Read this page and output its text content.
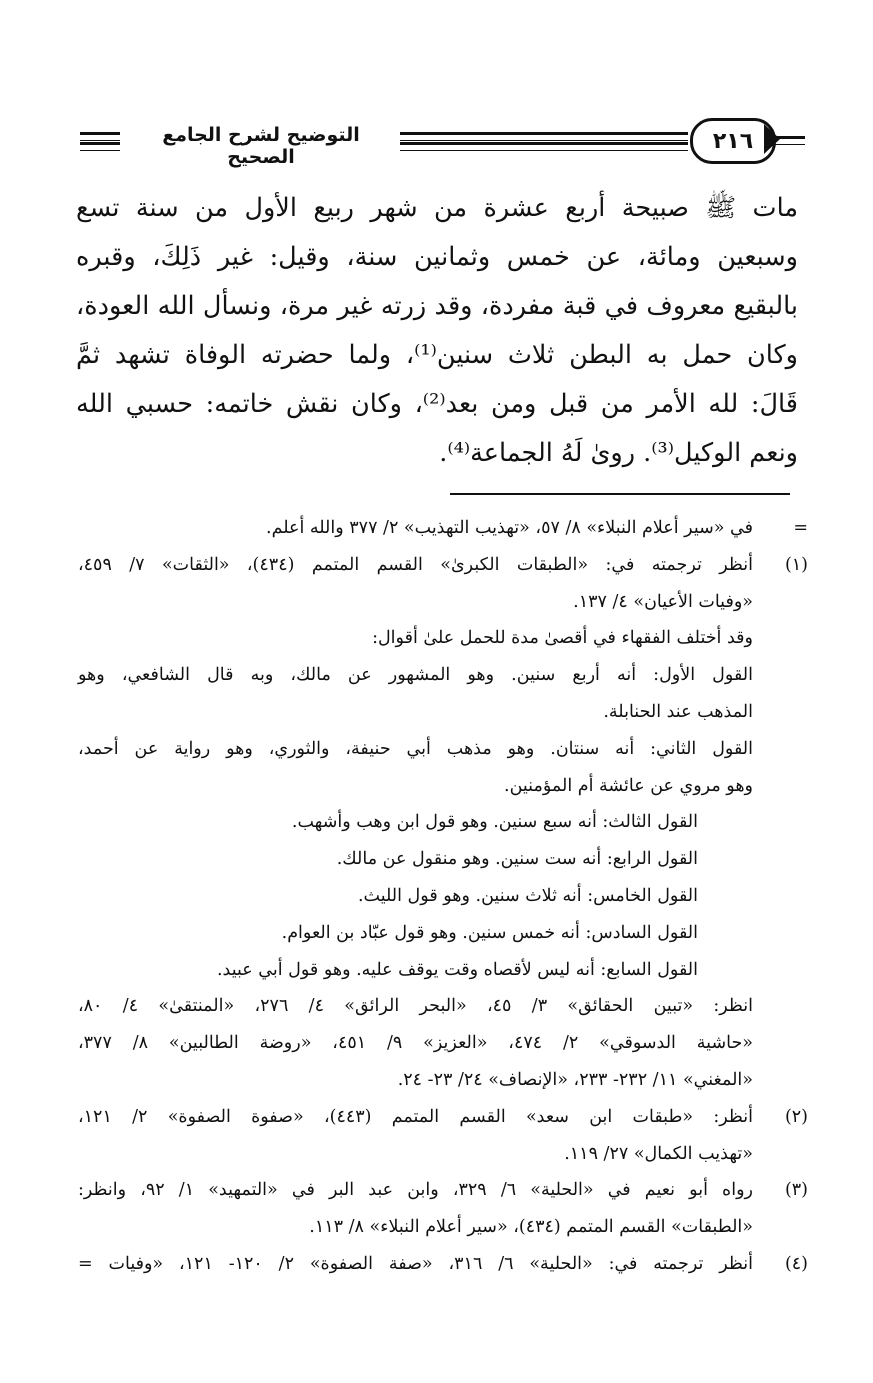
التوضيح لشرح الجامع الصحيح
٢١٦
مات ﷺ صبيحة أربع عشرة من شهر ربيع الأول من سنة تسع
وسبعين ومائة، عن خمس وثمانين سنة، وقيل: غير ذَلِكَ، وقبره
بالبقيع معروف في قبة مفردة، وقد زرته غير مرة، ونسأل الله العودة،
وكان حمل به البطن ثلاث سنين⁽¹⁾، ولما حضرته الوفاة تشهد ثمَّ
قَالَ: لله الأمر من قبل ومن بعد⁽²⁾، وكان نقش خاتمه: حسبي الله
ونعم الوكيل⁽³⁾. روىٰ لَهُ الجماعة⁽⁴⁾.
=
في «سير أعلام النبلاء» ٨/ ٥٧، «تهذيب التهذيب» ٢/ ٣٧٧ والله أعلم.
(١)
أنظر ترجمته في: «الطبقات الكبرىٰ» القسم المتمم (٤٣٤)، «الثقات» ٧/ ٤٥٩،
«وفيات الأعيان» ٤/ ١٣٧.
وقد أختلف الفقهاء في أقصىٰ مدة للحمل علىٰ أقوال:
القول الأول: أنه أربع سنين. وهو المشهور عن مالك، وبه قال الشافعي، وهو
المذهب عند الحنابلة.
القول الثاني: أنه سنتان. وهو مذهب أبي حنيفة، والثوري، وهو رواية عن أحمد،
وهو مروي عن عائشة أم المؤمنين.
القول الثالث: أنه سبع سنين. وهو قول ابن وهب وأشهب.
القول الرابع: أنه ست سنين. وهو منقول عن مالك.
القول الخامس: أنه ثلاث سنين. وهو قول الليث.
القول السادس: أنه خمس سنين. وهو قول عبّاد بن العوام.
القول السابع: أنه ليس لأقصاه وقت يوقف عليه. وهو قول أبي عبيد.
انظر: «تبين الحقائق» ٣/ ٤٥، «البحر الرائق» ٤/ ٢٧٦، «المنتقىٰ» ٤/ ٨٠،
«حاشية الدسوقي» ٢/ ٤٧٤، «العزيز» ٩/ ٤٥١، «روضة الطالبين» ٨/ ٣٧٧،
«المغني» ١١/ ٢٣٢- ٢٣٣، «الإنصاف» ٢٤/ ٢٣- ٢٤.
(٢)
أنظر: «طبقات ابن سعد» القسم المتمم (٤٤٣)، «صفوة الصفوة» ٢/ ١٢١،
«تهذيب الكمال» ٢٧/ ١١٩.
(٣)
رواه أبو نعيم في «الحلية» ٦/ ٣٢٩، وابن عبد البر في «التمهيد» ١/ ٩٢، وانظر:
«الطبقات» القسم المتمم (٤٣٤)، «سير أعلام النبلاء» ٨/ ١١٣.
(٤)
أنظر ترجمته في: «الحلية» ٦/ ٣١٦، «صفة الصفوة» ٢/ ١٢٠- ١٢١، «وفيات =
